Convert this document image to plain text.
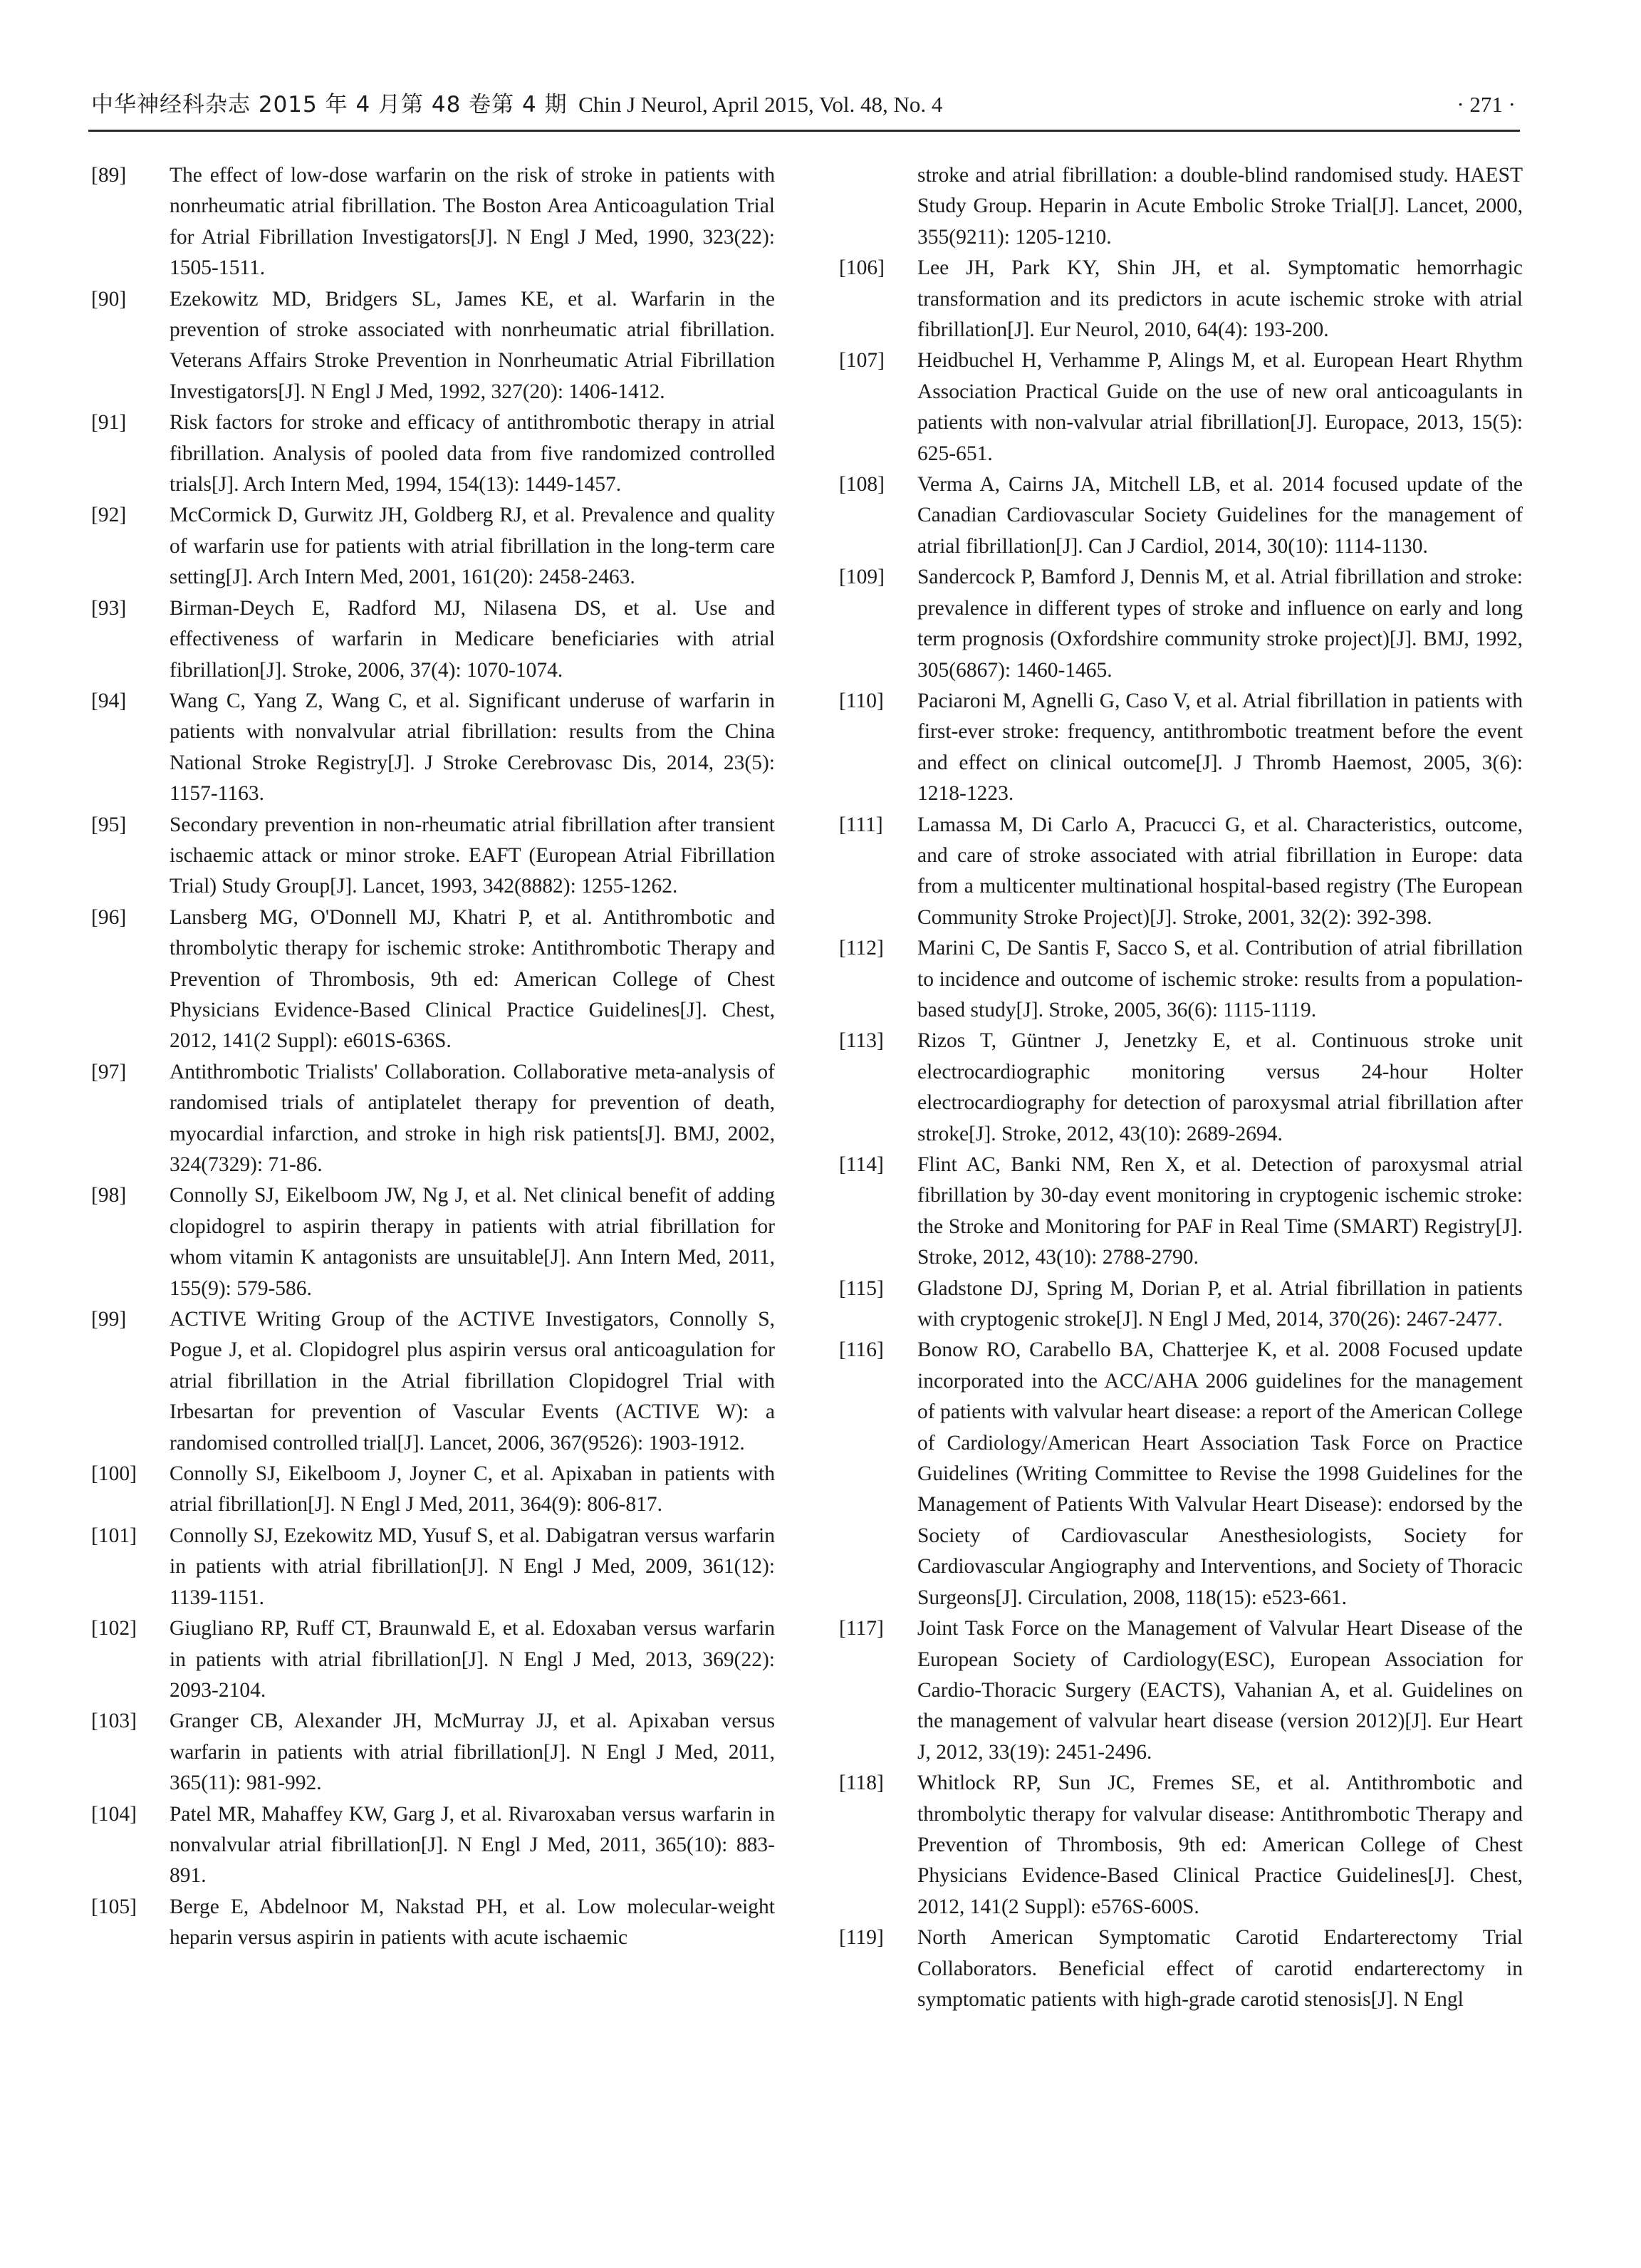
中华神经科杂志 2015 年 4 月第 48 卷第 4 期 Chin J Neurol, April 2015, Vol. 48, No. 4	· 271 ·

[89]	The effect of low-dose warfarin on the risk of stroke in patients with nonrheumatic atrial fibrillation. The Boston Area Anticoagulation Trial for Atrial Fibrillation Investigators[J]. N Engl J Med, 1990, 323(22): 1505-1511.

[90]	Ezekowitz MD, Bridgers SL, James KE, et al. Warfarin in the prevention of stroke associated with nonrheumatic atrial fibrillation. Veterans Affairs Stroke Prevention in Nonrheumatic Atrial Fibrillation Investigators[J]. N Engl J Med, 1992, 327(20): 1406-1412.

[91]	Risk factors for stroke and efficacy of antithrombotic therapy in atrial fibrillation. Analysis of pooled data from five randomized controlled trials[J]. Arch Intern Med, 1994, 154(13): 1449-1457.

[92]	McCormick D, Gurwitz JH, Goldberg RJ, et al. Prevalence and quality of warfarin use for patients with atrial fibrillation in the long-term care setting[J]. Arch Intern Med, 2001, 161(20): 2458-2463.

[93]	Birman-Deych E, Radford MJ, Nilasena DS, et al. Use and effectiveness of warfarin in Medicare beneficiaries with atrial fibrillation[J]. Stroke, 2006, 37(4): 1070-1074.

[94]	Wang C, Yang Z, Wang C, et al. Significant underuse of warfarin in patients with nonvalvular atrial fibrillation: results from the China National Stroke Registry[J]. J Stroke Cerebrovasc Dis, 2014, 23(5): 1157-1163.

[95]	Secondary prevention in non-rheumatic atrial fibrillation after transient ischaemic attack or minor stroke. EAFT (European Atrial Fibrillation Trial) Study Group[J]. Lancet, 1993, 342(8882): 1255-1262.

[96]	Lansberg MG, O'Donnell MJ, Khatri P, et al. Antithrombotic and thrombolytic therapy for ischemic stroke: Antithrombotic Therapy and Prevention of Thrombosis, 9th ed: American College of Chest Physicians Evidence-Based Clinical Practice Guidelines[J]. Chest, 2012, 141(2 Suppl): e601S-636S.

[97]	Antithrombotic Trialists' Collaboration. Collaborative meta-analysis of randomised trials of antiplatelet therapy for prevention of death, myocardial infarction, and stroke in high risk patients[J]. BMJ, 2002, 324(7329): 71-86.

[98]	Connolly SJ, Eikelboom JW, Ng J, et al. Net clinical benefit of adding clopidogrel to aspirin therapy in patients with atrial fibrillation for whom vitamin K antagonists are unsuitable[J]. Ann Intern Med, 2011, 155(9): 579-586.

[99]	ACTIVE Writing Group of the ACTIVE Investigators, Connolly S, Pogue J, et al. Clopidogrel plus aspirin versus oral anticoagulation for atrial fibrillation in the Atrial fibrillation Clopidogrel Trial with Irbesartan for prevention of Vascular Events (ACTIVE W): a randomised controlled trial[J]. Lancet, 2006, 367(9526): 1903-1912.

[100]	Connolly SJ, Eikelboom J, Joyner C, et al. Apixaban in patients with atrial fibrillation[J]. N Engl J Med, 2011, 364(9): 806-817.

[101]	Connolly SJ, Ezekowitz MD, Yusuf S, et al. Dabigatran versus warfarin in patients with atrial fibrillation[J]. N Engl J Med, 2009, 361(12): 1139-1151.

[102]	Giugliano RP, Ruff CT, Braunwald E, et al. Edoxaban versus warfarin in patients with atrial fibrillation[J]. N Engl J Med, 2013, 369(22): 2093-2104.

[103]	Granger CB, Alexander JH, McMurray JJ, et al. Apixaban versus warfarin in patients with atrial fibrillation[J]. N Engl J Med, 2011, 365(11): 981-992.

[104]	Patel MR, Mahaffey KW, Garg J, et al. Rivaroxaban versus warfarin in nonvalvular atrial fibrillation[J]. N Engl J Med, 2011, 365(10): 883-891.

[105]	Berge E, Abdelnoor M, Nakstad PH, et al. Low molecular-weight heparin versus aspirin in patients with acute ischaemic

stroke and atrial fibrillation: a double-blind randomised study. HAEST Study Group. Heparin in Acute Embolic Stroke Trial[J]. Lancet, 2000, 355(9211): 1205-1210.

[106]	Lee JH, Park KY, Shin JH, et al. Symptomatic hemorrhagic transformation and its predictors in acute ischemic stroke with atrial fibrillation[J]. Eur Neurol, 2010, 64(4): 193-200.

[107]	Heidbuchel H, Verhamme P, Alings M, et al. European Heart Rhythm Association Practical Guide on the use of new oral anticoagulants in patients with non-valvular atrial fibrillation[J]. Europace, 2013, 15(5): 625-651.

[108]	Verma A, Cairns JA, Mitchell LB, et al. 2014 focused update of the Canadian Cardiovascular Society Guidelines for the management of atrial fibrillation[J]. Can J Cardiol, 2014, 30(10): 1114-1130.

[109]	Sandercock P, Bamford J, Dennis M, et al. Atrial fibrillation and stroke: prevalence in different types of stroke and influence on early and long term prognosis (Oxfordshire community stroke project)[J]. BMJ, 1992, 305(6867): 1460-1465.

[110]	Paciaroni M, Agnelli G, Caso V, et al. Atrial fibrillation in patients with first-ever stroke: frequency, antithrombotic treatment before the event and effect on clinical outcome[J]. J Thromb Haemost, 2005, 3(6): 1218-1223.

[111]	Lamassa M, Di Carlo A, Pracucci G, et al. Characteristics, outcome, and care of stroke associated with atrial fibrillation in Europe: data from a multicenter multinational hospital-based registry (The European Community Stroke Project)[J]. Stroke, 2001, 32(2): 392-398.

[112]	Marini C, De Santis F, Sacco S, et al. Contribution of atrial fibrillation to incidence and outcome of ischemic stroke: results from a population-based study[J]. Stroke, 2005, 36(6): 1115-1119.

[113]	Rizos T, Güntner J, Jenetzky E, et al. Continuous stroke unit electrocardiographic monitoring versus 24-hour Holter electrocardiography for detection of paroxysmal atrial fibrillation after stroke[J]. Stroke, 2012, 43(10): 2689-2694.

[114]	Flint AC, Banki NM, Ren X, et al. Detection of paroxysmal atrial fibrillation by 30-day event monitoring in cryptogenic ischemic stroke: the Stroke and Monitoring for PAF in Real Time (SMART) Registry[J]. Stroke, 2012, 43(10): 2788-2790.

[115]	Gladstone DJ, Spring M, Dorian P, et al. Atrial fibrillation in patients with cryptogenic stroke[J]. N Engl J Med, 2014, 370(26): 2467-2477.

[116]	Bonow RO, Carabello BA, Chatterjee K, et al. 2008 Focused update incorporated into the ACC/AHA 2006 guidelines for the management of patients with valvular heart disease: a report of the American College of Cardiology/American Heart Association Task Force on Practice Guidelines (Writing Committee to Revise the 1998 Guidelines for the Management of Patients With Valvular Heart Disease): endorsed by the Society of Cardiovascular Anesthesiologists, Society for Cardiovascular Angiography and Interventions, and Society of Thoracic Surgeons[J]. Circulation, 2008, 118(15): e523-661.

[117]	Joint Task Force on the Management of Valvular Heart Disease of the European Society of Cardiology(ESC), European Association for Cardio-Thoracic Surgery (EACTS), Vahanian A, et al. Guidelines on the management of valvular heart disease (version 2012)[J]. Eur Heart J, 2012, 33(19): 2451-2496.

[118]	Whitlock RP, Sun JC, Fremes SE, et al. Antithrombotic and thrombolytic therapy for valvular disease: Antithrombotic Therapy and Prevention of Thrombosis, 9th ed: American College of Chest Physicians Evidence-Based Clinical Practice Guidelines[J]. Chest, 2012, 141(2 Suppl): e576S-600S.

[119]	North American Symptomatic Carotid Endarterectomy Trial Collaborators. Beneficial effect of carotid endarterectomy in symptomatic patients with high-grade carotid stenosis[J]. N Engl
